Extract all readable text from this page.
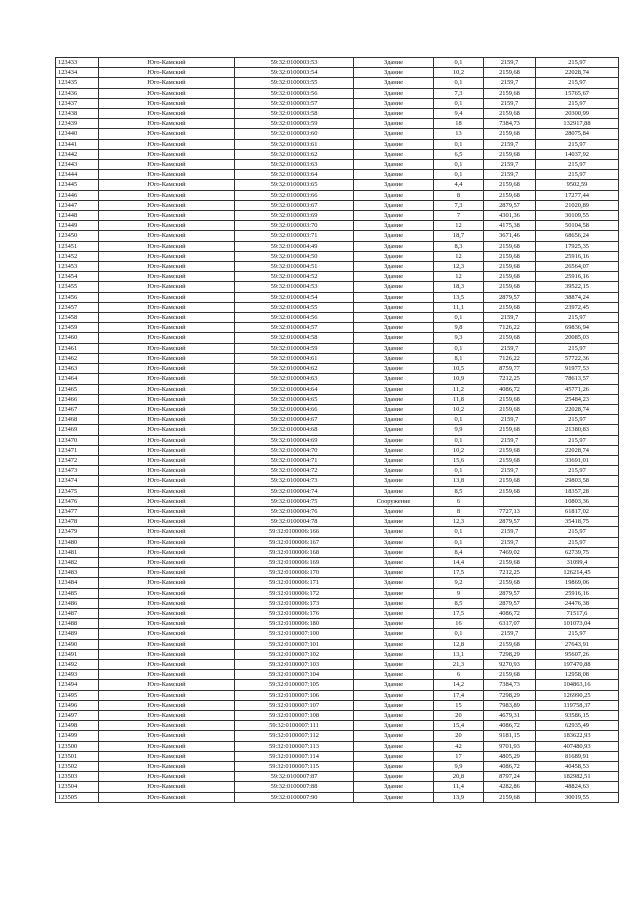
123433	Юго-Камский	59:32:0100003:53	Здание	0,1	2159,7	215,97
123434	Юго-Камский	59:32:0100003:54	Здание	10,2	2159,68	22028,74
123435	Юго-Камский	59:32:0100003:55	Здание	0,1	2159,7	215,97
123436	Юго-Камский	59:32:0100003:56	Здание	7,3	2159,68	15765,67
123437	Юго-Камский	59:32:0100003:57	Здание	0,1	2159,7	215,97
123438	Юго-Камский	59:32:0100003:58	Здание	9,4	2159,68	20300,99
123439	Юго-Камский	59:32:0100003:59	Здание	18	7384,73	132917,88
123440	Юго-Камский	59:32:0100003:60	Здание	13	2159,68	28075,84
123441	Юго-Камский	59:32:0100003:61	Здание	0,1	2159,7	215,97
123442	Юго-Камский	59:32:0100003:62	Здание	6,5	2159,68	14037,92
123443	Юго-Камский	59:32:0100003:63	Здание	0,1	2159,7	215,97
123444	Юго-Камский	59:32:0100003:64	Здание	0,1	2159,7	215,97
123445	Юго-Камский	59:32:0100003:65	Здание	4,4	2159,68	9502,59
123446	Юго-Камский	59:32:0100003:66	Здание	8	2159,68	17277,44
123447	Юго-Камский	59:32:0100003:67	Здание	7,3	2879,57	21020,89
123448	Юго-Камский	59:32:0100003:69	Здание	7	4301,36	30109,55
123449	Юго-Камский	59:32:0100003:70	Здание	12	4175,38	50104,58
123450	Юго-Камский	59:32:0100003:71	Здание	18,7	3671,46	68656,24
123451	Юго-Камский	59:32:0100004:49	Здание	8,3	2159,68	17925,35
123452	Юго-Камский	59:32:0100004:50	Здание	12	2159,68	25916,16
123453	Юго-Камский	59:32:0100004:51	Здание	12,3	2159,68	26564,07
123454	Юго-Камский	59:32:0100004:52	Здание	12	2159,68	25916,16
123455	Юго-Камский	59:32:0100004:53	Здание	18,3	2159,68	39522,15
123456	Юго-Камский	59:32:0100004:54	Здание	13,5	2879,57	38874,24
123457	Юго-Камский	59:32:0100004:55	Здание	11,1	2159,68	23972,45
123458	Юго-Камский	59:32:0100004:56	Здание	0,1	2159,7	215,97
123459	Юго-Камский	59:32:0100004:57	Здание	9,8	7126,22	69836,94
123460	Юго-Камский	59:32:0100004:58	Здание	9,3	2159,68	20085,03
123461	Юго-Камский	59:32:0100004:59	Здание	0,1	2159,7	215,97
123462	Юго-Камский	59:32:0100004:61	Здание	8,1	7126,22	57722,36
123463	Юго-Камский	59:32:0100004:62	Здание	10,5	8759,77	91977,53
123464	Юго-Камский	59:32:0100004:63	Здание	10,9	7212,25	78613,57
123465	Юго-Камский	59:32:0100004:64	Здание	11,2	4086,72	45771,26
123466	Юго-Камский	59:32:0100004:65	Здание	11,8	2159,68	25484,23
123467	Юго-Камский	59:32:0100004:66	Здание	10,2	2159,68	22028,74
123468	Юго-Камский	59:32:0100004:67	Здание	0,1	2159,7	215,97
123469	Юго-Камский	59:32:0100004:68	Здание	9,9	2159,68	21380,83
123470	Юго-Камский	59:32:0100004:69	Здание	0,1	2159,7	215,97
123471	Юго-Камский	59:32:0100004:70	Здание	10,2	2159,68	22028,74
123472	Юго-Камский	59:32:0100004:71	Здание	15,6	2159,68	33691,01
123473	Юго-Камский	59:32:0100004:72	Здание	0,1	2159,7	215,97
123474	Юго-Камский	59:32:0100004:73	Здание	13,8	2159,68	29803,58
123475	Юго-Камский	59:32:0100004:74	Здание	8,5	2159,68	18357,28
123476	Юго-Камский	59:32:0100004:75	Сооружение	6		10803,36
123477	Юго-Камский	59:32:0100004:76	Здание	8	7727,13	61817,02
123478	Юго-Камский	59:32:0100004:78	Здание	12,3	2879,57	35418,75
123479	Юго-Камский	59:32:0100006:166	Здание	0,1	2159,7	215,97
123480	Юго-Камский	59:32:0100006:167	Здание	0,1	2159,7	215,97
123481	Юго-Камский	59:32:0100006:168	Здание	8,4	7469,02	62739,75
123482	Юго-Камский	59:32:0100006:169	Здание	14,4	2159,68	31099,4
123483	Юго-Камский	59:32:0100006:170	Здание	17,5	7212,25	126214,45
123484	Юго-Камский	59:32:0100006:171	Здание	9,2	2159,68	19869,06
123485	Юго-Камский	59:32:0100006:172	Здание	9	2879,57	25916,16
123486	Юго-Камский	59:32:0100006:173	Здание	8,5	2879,57	24476,38
123487	Юго-Камский	59:32:0100006:176	Здание	17,5	4086,72	71517,6
123488	Юго-Камский	59:32:0100006:180	Здание	16	6317,07	101073,04
123489	Юго-Камский	59:32:0100007:100	Здание	0,1	2159,7	215,97
123490	Юго-Камский	59:32:0100007:101	Здание	12,8	2159,68	27643,91
123491	Юго-Камский	59:32:0100007:102	Здание	13,1	7298,29	95607,26
123492	Юго-Камский	59:32:0100007:103	Здание	21,3	9270,93	197470,88
123493	Юго-Камский	59:32:0100007:104	Здание	6	2159,68	12958,08
123494	Юго-Камский	59:32:0100007:105	Здание	14,2	7384,73	104863,16
123495	Юго-Камский	59:32:0100007:106	Здание	17,4	7298,29	126990,25
123496	Юго-Камский	59:32:0100007:107	Здание	15	7983,89	119758,37
123497	Юго-Камский	59:32:0100007:108	Здание	20	4679,31	93586,15
123498	Юго-Камский	59:32:0100007:111	Здание	15,4	4086,72	62935,49
123499	Юго-Камский	59:32:0100007:112	Здание	20	9181,15	183622,93
123500	Юго-Камский	59:32:0100007:113	Здание	42	9701,93	407480,93
123501	Юго-Камский	59:32:0100007:114	Здание	17	4805,29	81689,91
123502	Юго-Камский	59:32:0100007:115	Здание	9,9	4086,72	40458,53
123503	Юго-Камский	59:32:0100007:87	Здание	20,8	8797,24	182982,51
123504	Юго-Камский	59:32:0100007:88	Здание	11,4	4282,86	48824,63
123505	Юго-Камский	59:32:0100007:90	Здание	13,9	2159,68	30019,55
